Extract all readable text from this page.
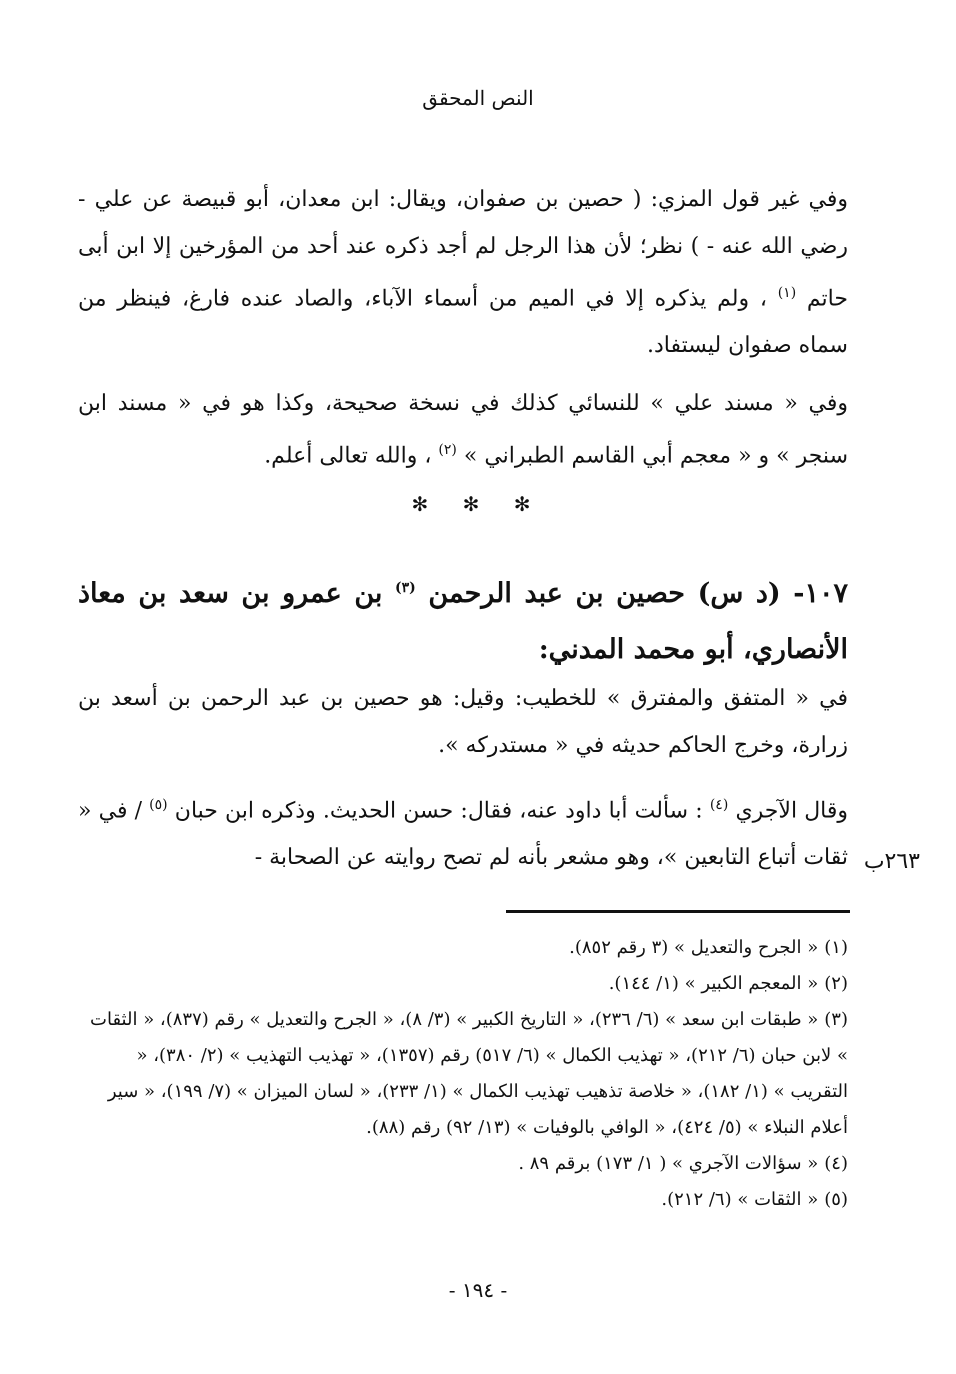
النص المحقق

وفي غير قول المزي: ( حصين بن صفوان، ويقال: ابن معدان، أبو قبيصة عن علي - رضي الله عنه - ) نظر؛ لأن هذا الرجل لم أجد ذكره عند أحد من المؤرخين إلا ابن أبى حاتم $^{(١)}$ ، ولم يذكره إلا في الميم من أسماء الآباء، والصاد عنده فارغ، فينظر من سماه صفوان ليستفاد.

وفي « مسند علي » للنسائي كذلك في نسخة صحيحة، وكذا هو في « مسند ابن سنجر » و « معجم أبي القاسم الطبراني » $^{(٢)}$ ، والله تعالى أعلم.

✻ ✻ ✻

١٠٧- (د س) حصين بن عبد الرحمن $^{(٣)}$ بن عمرو بن سعد بن معاذ الأنصاري، أبو محمد المدني:

في « المتفق والمفترق » للخطيب: وقيل: هو حصين بن عبد الرحمن بن أسعد بن زرارة، وخرج الحاكم حديثه في « مستدركه ».

وقال الآجري $^{(٤)}$ : سألت أبا داود عنه، فقال: حسن الحديث. وذكره ابن حبان $^{(٥)}$ / في « ثقات أتباع التابعين »، وهو مشعر بأنه لم تصح روايته عن الصحابة - ٢٦٣ب

(١)« الجرح والتعديل » (٣ رقم ٨٥٢).

(٢)« المعجم الكبير » (١/ ١٤٤).

(٣)« طبقات ابن سعد » (٦/ ٢٣٦)، « التاريخ الكبير » (٣/ ٨)، « الجرح والتعديل » رقم (٨٣٧)، « الثقات » لابن حبان (٦/ ٢١٢)، « تهذيب الكمال » (٦/ ٥١٧) رقم (١٣٥٧)، « تهذيب التهذيب » (٢/ ٣٨٠)، « التقريب » (١/ ١٨٢)، « خلاصة تذهيب تهذيب الكمال » (١/ ٢٣٣)، « لسان الميزان » (٧/ ١٩٩)، « سير أعلام النبلاء » (٥/ ٤٢٤)، « الوافي بالوفيات » (١٣/ ٩٢) رقم (٨٨).

(٤)« سؤالات الآجري » ( ١/ ١٧٣) برقم ٨٩ .

(٥)« الثقات » (٦/ ٢١٢).

- ١٩٤ -
